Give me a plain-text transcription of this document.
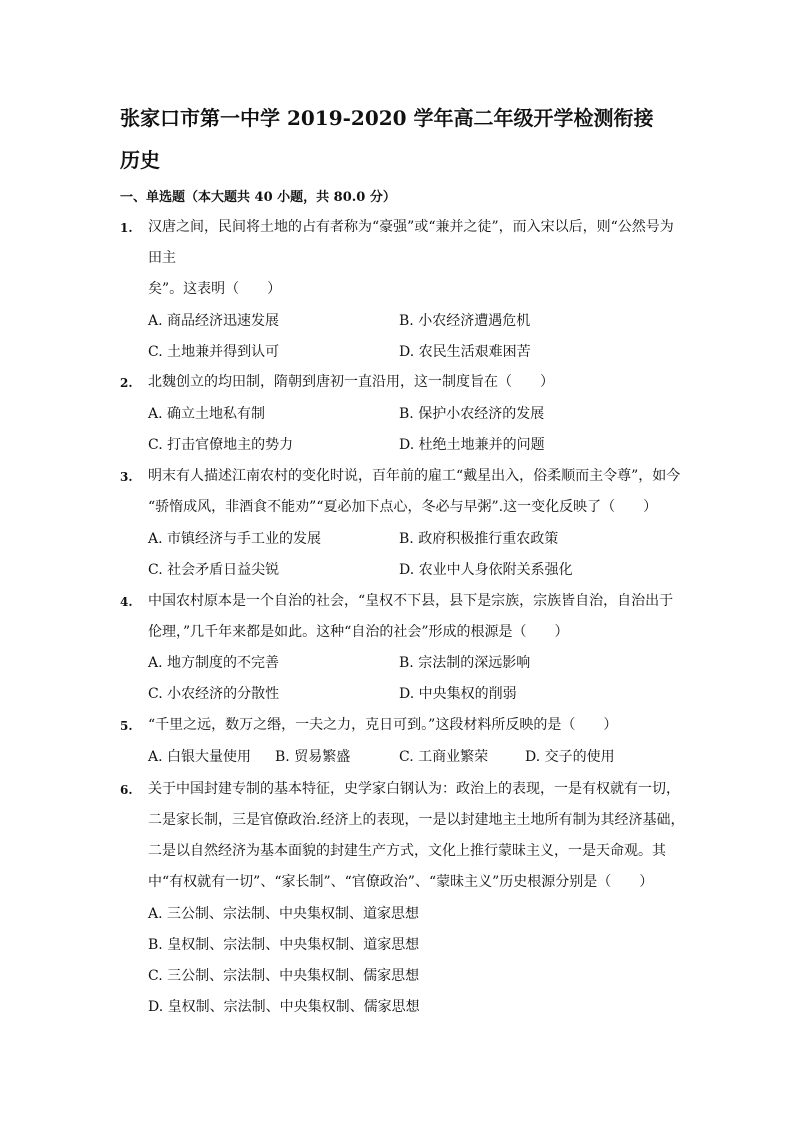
张家口市第一中学 2019-2020 学年高二年级开学检测衔接
历史
一、单选题（本大题共 40 小题，共 80.0 分）
1. 汉唐之间，民间将土地的占有者称为“豪强”或“兼并之徒”，而入宋以后，则“公然号为
田主
矣”。这表明（　　）
A. 商品经济迅速发展	B. 小农经济遭遇危机
C. 土地兼并得到认可	D. 农民生活艰难困苦
2. 北魏创立的均田制，隋朝到唐初一直沿用，这一制度旨在（　　）
A. 确立土地私有制	B. 保护小农经济的发展
C. 打击官僚地主的势力	D. 杜绝土地兼并的问题
3. 明末有人描述江南农村的变化时说，百年前的雇工“戴星出入，俗柔顺而主令尊”，如今
“骄惰成风，非酒食不能劝”“夏必加下点心，冬必与早粥”.这一变化反映了（　　）
A. 市镇经济与手工业的发展	B. 政府积极推行重农政策
C. 社会矛盾日益尖锐	D. 农业中人身依附关系强化
4. 中国农村原本是一个自治的社会，“皇权不下县，县下是宗族，宗族皆自治，自治出于
伦理，”几千年来都是如此。这种“自治的社会”形成的根源是（　　）
A. 地方制度的不完善	B. 宗法制的深远影响
C. 小农经济的分散性	D. 中央集权的削弱
5. “千里之远，数万之缗，一夫之力，克日可到。”这段材料所反映的是（　　）
A. 白银大量使用 B. 贸易繁盛	C. 工商业繁荣	D. 交子的使用
6. 关于中国封建专制的基本特征，史学家白钢认为：政治上的表现，一是有权就有一切，
二是家长制，三是官僚政治.经济上的表现，一是以封建地主土地所有制为其经济基础，
二是以自然经济为基本面貌的封建生产方式，文化上推行蒙昧主义，一是天命观。其
中“有权就有一切”、“家长制”、“官僚政治”、“蒙昧主义”历史根源分别是（　　）
A. 三公制、宗法制、中央集权制、道家思想
B. 皇权制、宗法制、中央集权制、道家思想
C. 三公制、宗法制、中央集权制、儒家思想
D. 皇权制、宗法制、中央集权制、儒家思想
